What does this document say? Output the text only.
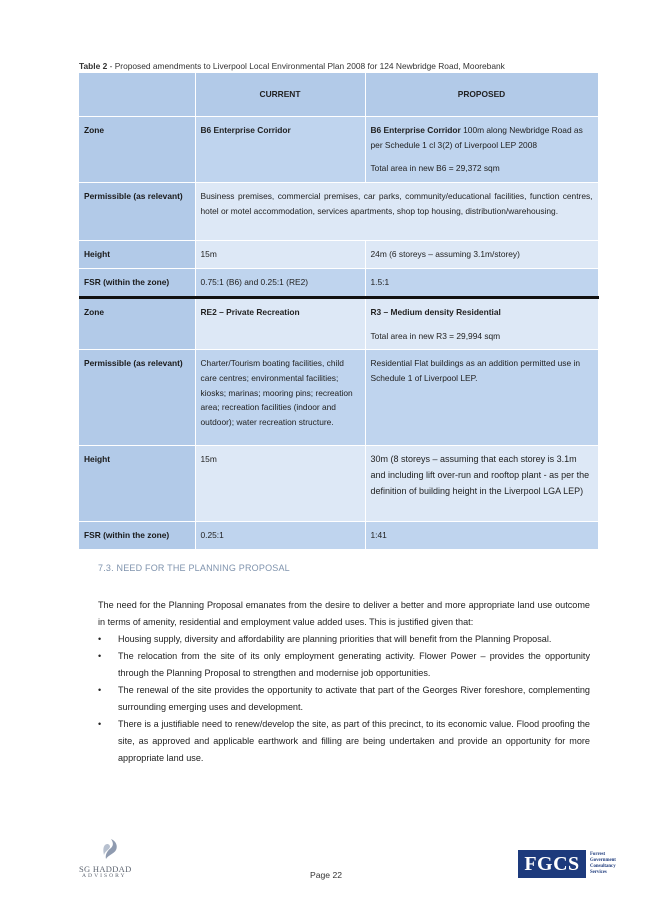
Table 2 - Proposed amendments to Liverpool Local Environmental Plan 2008 for 124 Newbridge Road, Moorebank
	CURRENT	PROPOSED
Zone	B6 Enterprise Corridor	B6 Enterprise Corridor 100m along Newbridge Road as per Schedule 1 cl 3(2) of Liverpool LEP 2008
Total area in new B6 = 29,372 sqm

Permissible (as relevant)	Business premises, commercial premises, car parks, community/educational facilities, function centres, hotel or motel accommodation, services apartments, shop top housing, distribution/warehousing.	
Height	15m	24m (6 storeys – assuming 3.1m/storey)
FSR (within the zone)	0.75:1 (B6) and 0.25:1 (RE2)	1.5:1
Zone	RE2 – Private Recreation	R3 – Medium density Residential
Total area in new R3 = 29,994 sqm

Permissible (as relevant)	Charter/Tourism boating facilities, child care centres; environmental facilities; kiosks; marinas; mooring pins; recreation area; recreation facilities (indoor and outdoor); water recreation structure.	Residential Flat buildings as an addition permitted use in Schedule 1 of Liverpool LEP.
Height	15m	30m (8 storeys – assuming that each storey is 3.1m and including lift over-run and rooftop plant - as per the definition of building height in the Liverpool LGA LEP)
FSR (within the zone)	0.25:1	1:41
7.3. NEED FOR THE PLANNING PROPOSAL

The need for the Planning Proposal emanates from the desire to deliver a better and more appropriate land use outcome in terms of amenity, residential and employment value added uses. This is justified given that:

• Housing supply, diversity and affordability are planning priorities that will benefit from the Planning Proposal.
• The relocation from the site of its only employment generating activity. Flower Power – provides the opportunity through the Planning Proposal to strengthen and modernise job opportunities.
• The renewal of the site provides the opportunity to activate that part of the Georges River foreshore, complementing surrounding emerging uses and development.
• There is a justifiable need to renew/develop the site, as part of this precinct, to its economic value. Flood proofing the site, as approved and applicable earthwork and filling are being undertaken and provide an opportunity for more appropriate land use.
SG HADDAD
ADVISORY	Page 22	FGCS	Forrest
Government
Consultancy
Services
